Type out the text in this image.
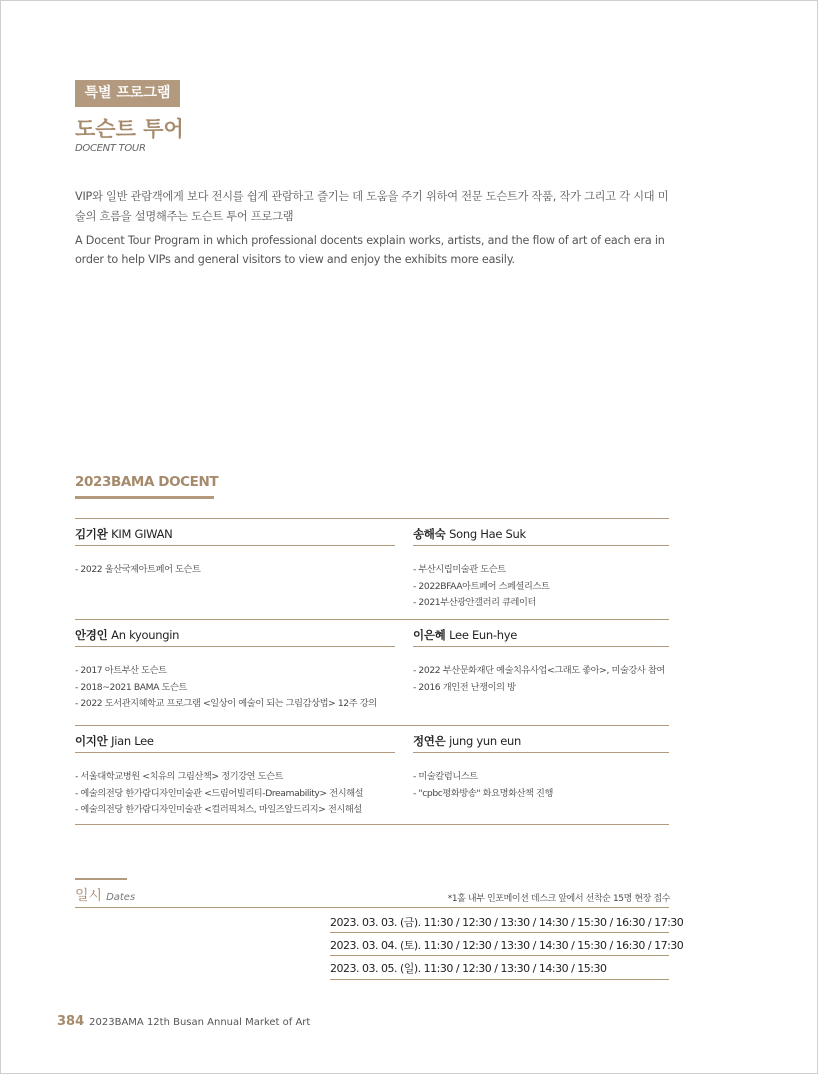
특별 프로그램
도슨트 투어
DOCENT TOUR
VIP와 일반 관람객에게 보다 전시를 쉽게 관람하고 즐기는 데 도움을 주기 위하여 전문 도슨트가 작품, 작가 그리고 각 시대 미술의 흐름을 설명해주는 도슨트 투어 프로그램
A Docent Tour Program in which professional docents explain works, artists, and the flow of art of each era in order to help VIPs and general visitors to view and enjoy the exhibits more easily.
2023BAMA DOCENT
김기완 KIM GIWAN
- 2022 울산국제아트페어 도슨트
송해숙 Song Hae Suk
- 부산시립미술관 도슨트
- 2022BFAA아트페어 스페셜리스트
- 2021부산광안갤러리 큐레이터
안경인 An kyoungin
- 2017 아트부산 도슨트
- 2018~2021 BAMA 도슨트
- 2022 도서관지혜학교 프로그램 <일상이 예술이 되는 그림감상법> 12주 강의
이은혜 Lee Eun-hye
- 2022 부산문화재단 예술치유사업<그래도 좋아>, 미술강사 참여
- 2016 개인전 난쟁이의 방
이지안 Jian Lee
- 서울대학교병원 <치유의 그림산책> 정기강연 도슨트
- 예술의전당 한가람디자인미술관 <드림어빌리티-Dreamability> 전시해설
- 예술의전당 한가람디자인미술관 <컬러픽쳐스, 마일즈알드리지> 전시해설
정연은 jung yun eun
- 미술칼럼니스트
- "cpbc평화방송" 화요명화산책 진행
일시 Dates	*1홀 내부 인포메이션 데스크 앞에서 선착순 15명 현장 접수
2023. 03. 03. (금). 11:30 / 12:30 / 13:30 / 14:30 / 15:30 / 16:30 / 17:30
2023. 03. 04. (토). 11:30 / 12:30 / 13:30 / 14:30 / 15:30 / 16:30 / 17:30
2023. 03. 05. (일). 11:30 / 12:30 / 13:30 / 14:30 / 15:30
384 2023BAMA 12th Busan Annual Market of Art
